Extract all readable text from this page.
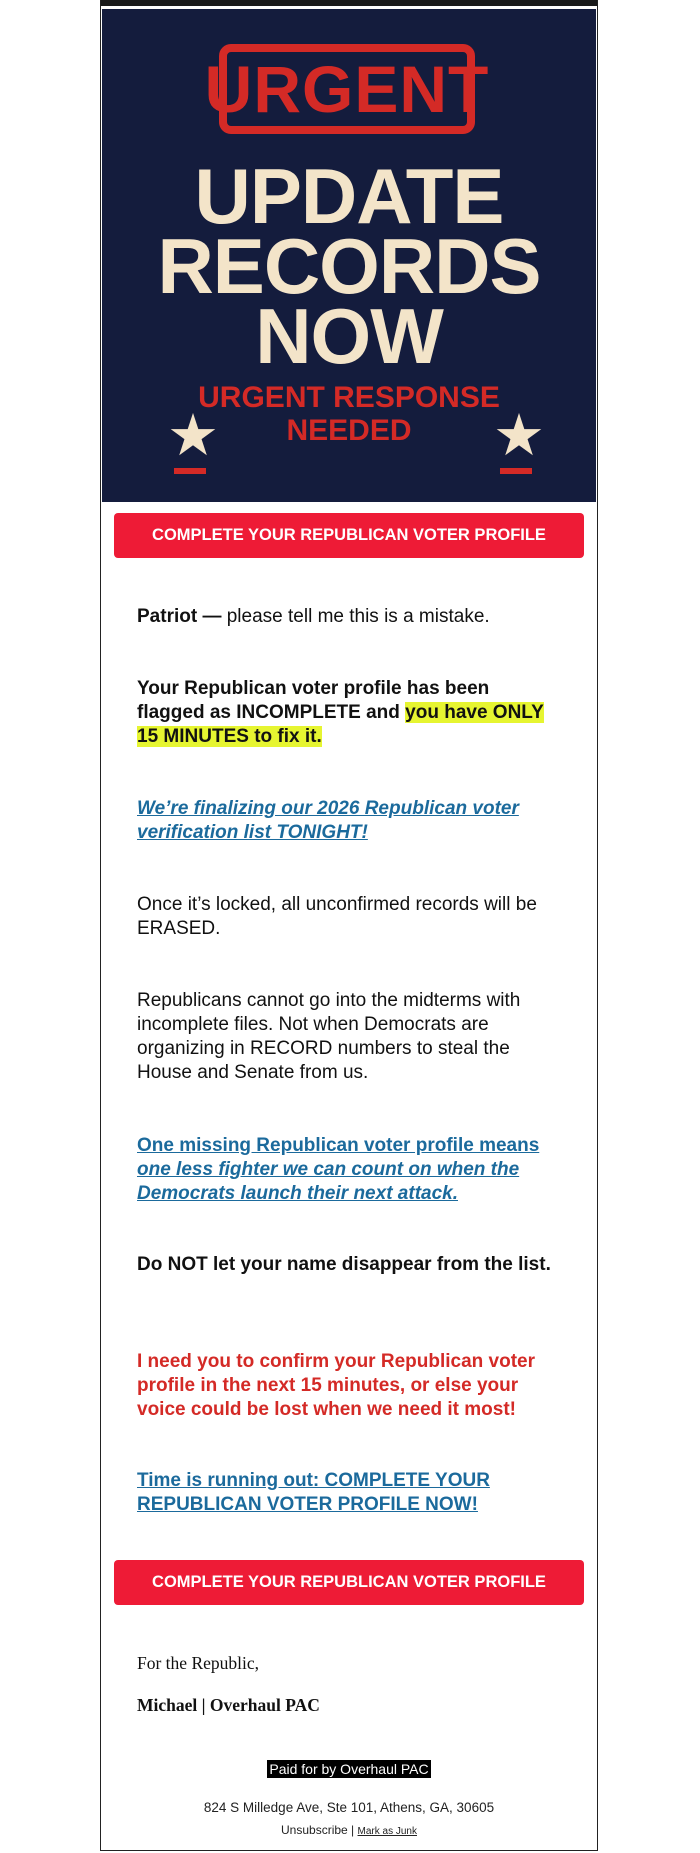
URGENT
UPDATE
RECORDS
NOW
URGENT RESPONSE
NEEDED
★	★
COMPLETE YOUR REPUBLICAN VOTER PROFILE
Patriot — please tell me this is a mistake.
Your Republican voter profile has been flagged as INCOMPLETE and you have ONLY 15 MINUTES to fix it.
We’re finalizing our 2026 Republican voter verification list TONIGHT!
Once it’s locked, all unconfirmed records will be ERASED.
Republicans cannot go into the midterms with incomplete files. Not when Democrats are organizing in RECORD numbers to steal the House and Senate from us.
One missing Republican voter profile means one less fighter we can count on when the Democrats launch their next attack.
Do NOT let your name disappear from the list.
I need you to confirm your Republican voter profile in the next 15 minutes, or else your voice could be lost when we need it most!
Time is running out: COMPLETE YOUR REPUBLICAN VOTER PROFILE NOW!
COMPLETE YOUR REPUBLICAN VOTER PROFILE
For the Republic,
Michael | Overhaul PAC
Paid for by Overhaul PAC
824 S Milledge Ave, Ste 101, Athens, GA, 30605
Unsubscribe | Mark as Junk
